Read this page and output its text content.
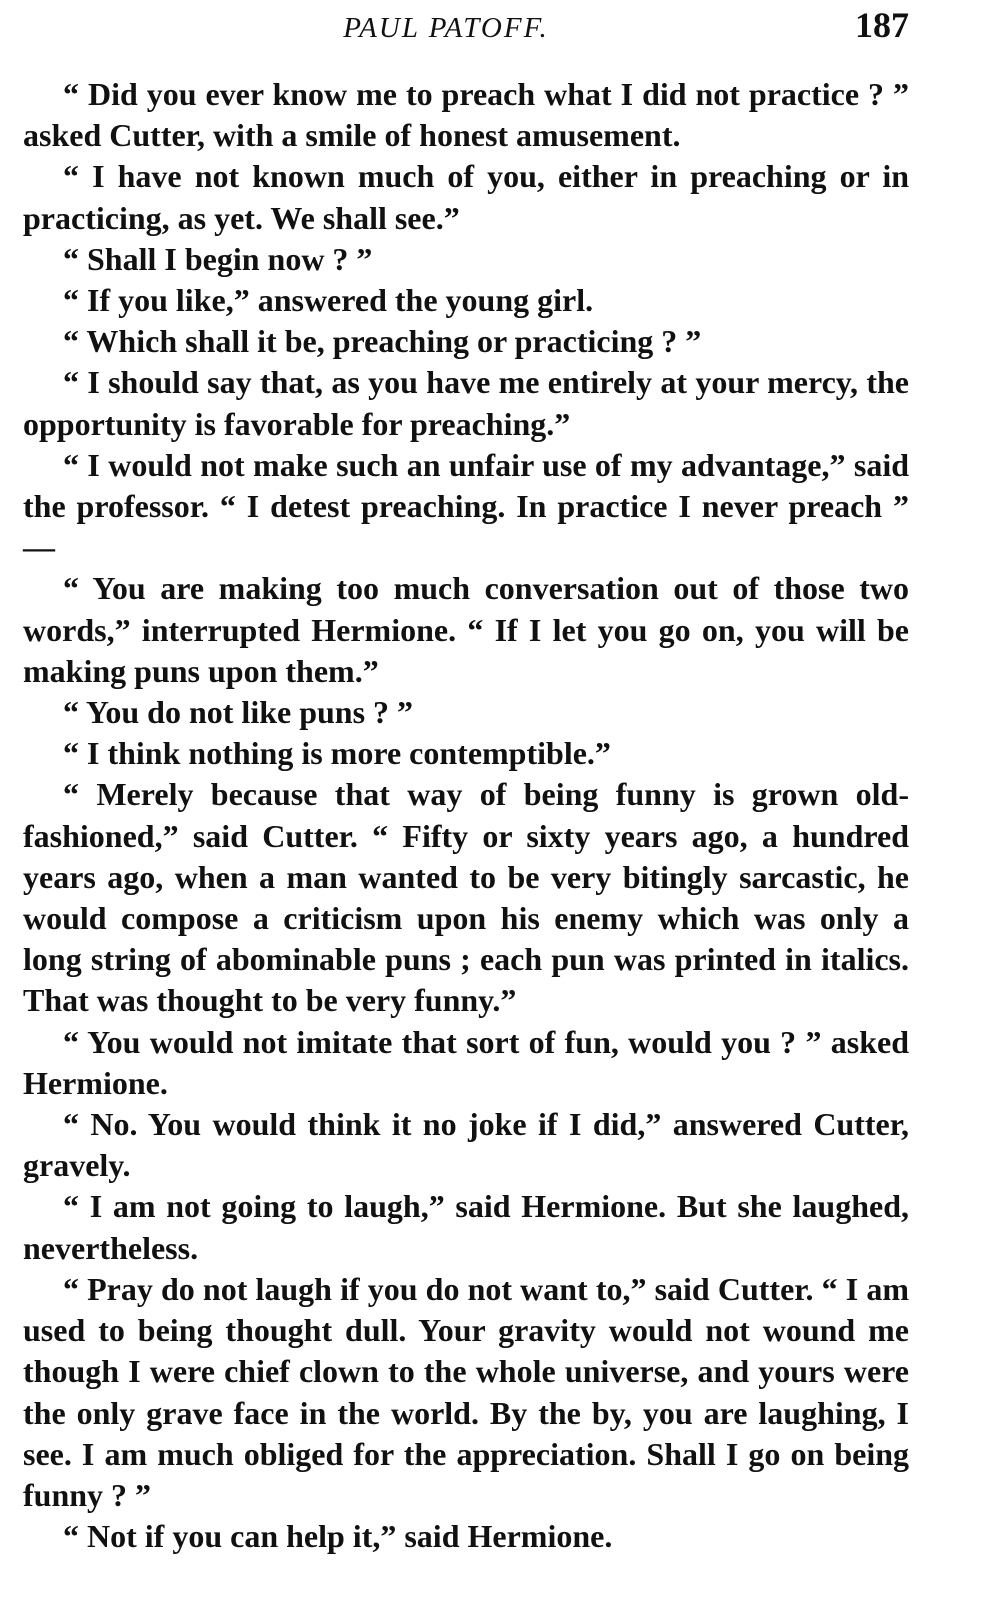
PAUL PATOFF.	187

“ Did you ever know me to preach what I did not practice ? ” asked Cutter, with a smile of honest amusement.

“ I have not known much of you, either in preaching or in practicing, as yet. We shall see.”

“ Shall I begin now ? ”

“ If you like,” answered the young girl.

“ Which shall it be, preaching or practicing ? ”

“ I should say that, as you have me entirely at your mercy, the opportunity is favorable for preaching.”

“ I would not make such an unfair use of my advantage,” said the professor. “ I detest preaching. In practice I never preach ” —

“ You are making too much conversation out of those two words,” interrupted Hermione. “ If I let you go on, you will be making puns upon them.”

“ You do not like puns ? ”

“ I think nothing is more contemptible.”

“ Merely because that way of being funny is grown old-fashioned,” said Cutter. “ Fifty or sixty years ago, a hundred years ago, when a man wanted to be very bitingly sarcastic, he would compose a criticism upon his enemy which was only a long string of abominable puns ; each pun was printed in italics. That was thought to be very funny.”

“ You would not imitate that sort of fun, would you ? ” asked Hermione.

“ No. You would think it no joke if I did,” answered Cutter, gravely.

“ I am not going to laugh,” said Hermione. But she laughed, nevertheless.

“ Pray do not laugh if you do not want to,” said Cutter. “ I am used to being thought dull. Your gravity would not wound me though I were chief clown to the whole universe, and yours were the only grave face in the world. By the by, you are laughing, I see. I am much obliged for the appreciation. Shall I go on being funny ? ”

“ Not if you can help it,” said Hermione.
